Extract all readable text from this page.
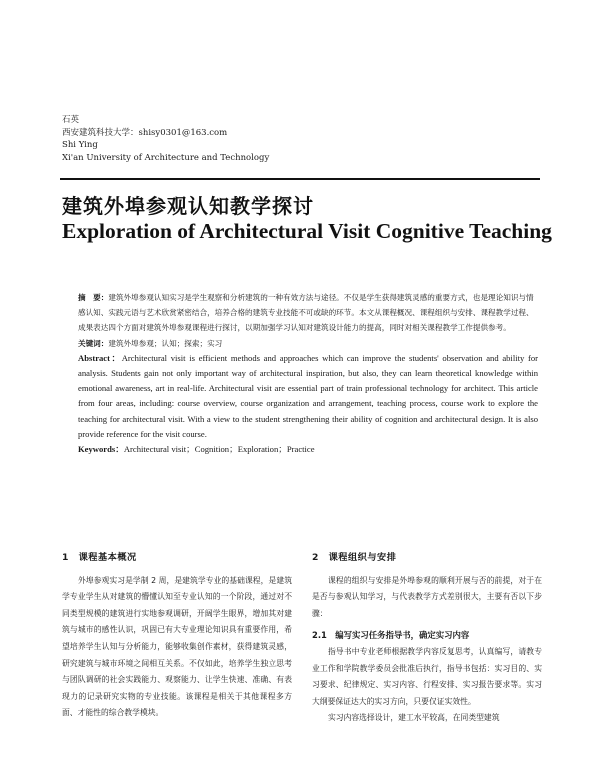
石英
西安建筑科技大学：shisy0301@163.com
Shi Ying
Xi'an University of Architecture and Technology
建筑外埠参观认知教学探讨
Exploration of Architectural Visit Cognitive Teaching

摘　要：建筑外埠参观认知实习是学生观察和分析建筑的一种有效方法与途径。不仅是学生获得建筑灵感的重要方式，也是理论知识与情感认知、实践元语与艺术欣赏紧密结合，培养合格的建筑专业技能不可或缺的环节。本文从课程概况、课程组织与安排、课程教学过程、成果表达四个方面对建筑外埠参观课程进行探讨，以期加强学习认知对建筑设计能力的提高，同时对相关课程教学工作提供参考。

关键词：建筑外埠参观；认知；探索；实习

Abstract：Architectural visit is efficient methods and approaches which can improve the students' observation and ability for analysis. Students gain not only important way of architectural inspiration, but also, they can learn theoretical knowledge within emotional awareness, art in real-life. Architectural visit are essential part of train professional technology for architect. This article from four areas, including: course overview, course organization and arrangement, teaching process, course work to explore the teaching for architectural visit. With a view to the student strengthening their ability of cognition and architectural design. It is also provide reference for the visit course.

Keywords：Architectural visit；Cognition；Exploration；Practice

1　课程基本概况
外埠参观实习是学制 2 周，是建筑学专业的基础课程，是建筑学专业学生从对建筑的懵懂认知至专业认知的一个阶段，通过对不同类型规模的建筑进行实地参观调研，开阔学生眼界，增加其对建筑与城市的感性认识，巩固已有大专业理论知识具有重要作用，希望培养学生认知与分析能力，能够收集创作素材，获得建筑灵感，研究建筑与城市环境之间相互关系。不仅如此，培养学生独立思考与团队调研的社会实践能力、观察能力、让学生快速、准确、有表现力的记录研究实物的专业技能。该课程是相关于其他课程多方面、才能性的综合教学模块。
2　课程组织与安排
课程的组织与安排是外埠参观的顺利开展与否的前提，对于在是否与参观认知学习，与代表教学方式差别很大，主要有否以下步骤：
2.1　编写实习任务指导书，确定实习内容
指导书中专业老师根据教学内容反复思考，认真编写，请教专业工作和学院教学委员会批准后执行，指导书包括：实习目的、实习要求、纪律规定、实习内容、行程安排、实习报告要求等。实习大纲要保证达大的实习方向，只要仅证实效性。
实习内容选择设计，建工水平较高，在同类型建筑
